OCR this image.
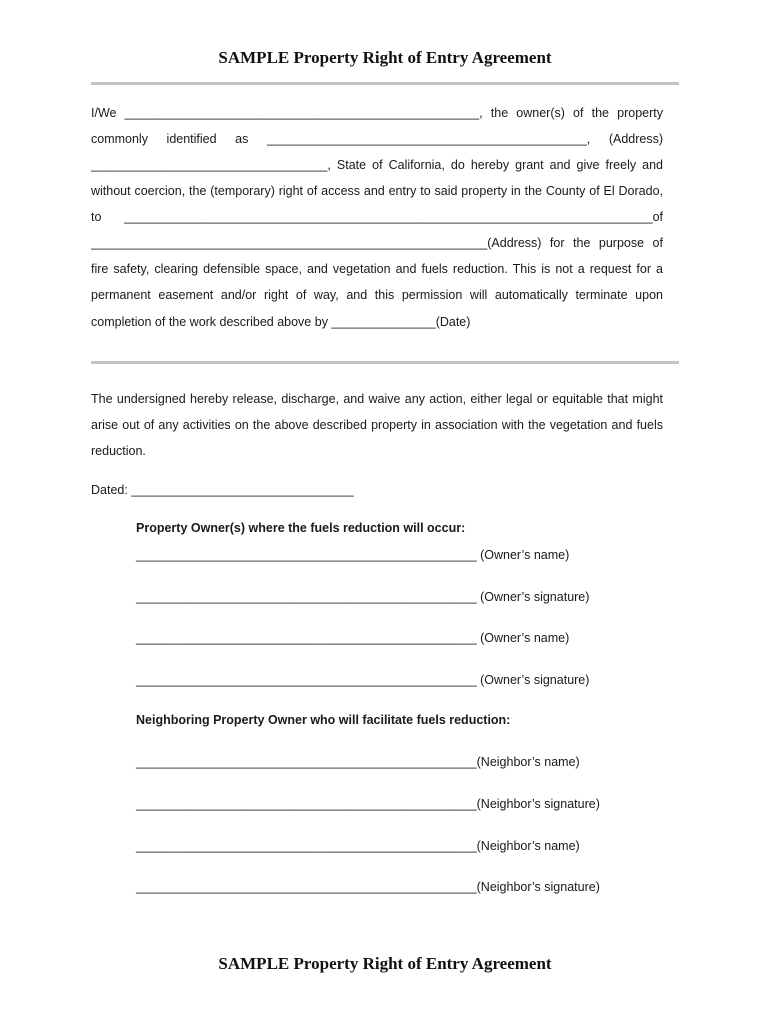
SAMPLE Property Right of Entry Agreement
I/We ___________________________________________________, the owner(s) of the property
commonly identified as ______________________________________________, (Address)
__________________________________, State of California, do hereby grant and give freely and
without coercion, the (temporary) right of access and entry to said property in the County of El Dorado,
to ____________________________________________________________________________of
_________________________________________________________(Address) for the purpose of
fire safety, clearing defensible space, and vegetation and fuels reduction. This is not a request for a
permanent easement and/or right of way, and this permission will automatically terminate upon
completion of the work described above by _______________(Date)
The undersigned hereby release, discharge, and waive any action, either legal or equitable that might
arise out of any activities on the above described property in association with the vegetation and fuels
reduction.
Dated: ________________________________
Property Owner(s) where the fuels reduction will occur:
_________________________________________________ (Owner’s name)
_________________________________________________ (Owner’s signature)
_________________________________________________ (Owner’s name)
_________________________________________________ (Owner’s signature)
Neighboring Property Owner who will facilitate fuels reduction:
_________________________________________________(Neighbor’s name)
_________________________________________________(Neighbor’s signature)
_________________________________________________(Neighbor’s name)
_________________________________________________(Neighbor’s signature)
SAMPLE Property Right of Entry Agreement
